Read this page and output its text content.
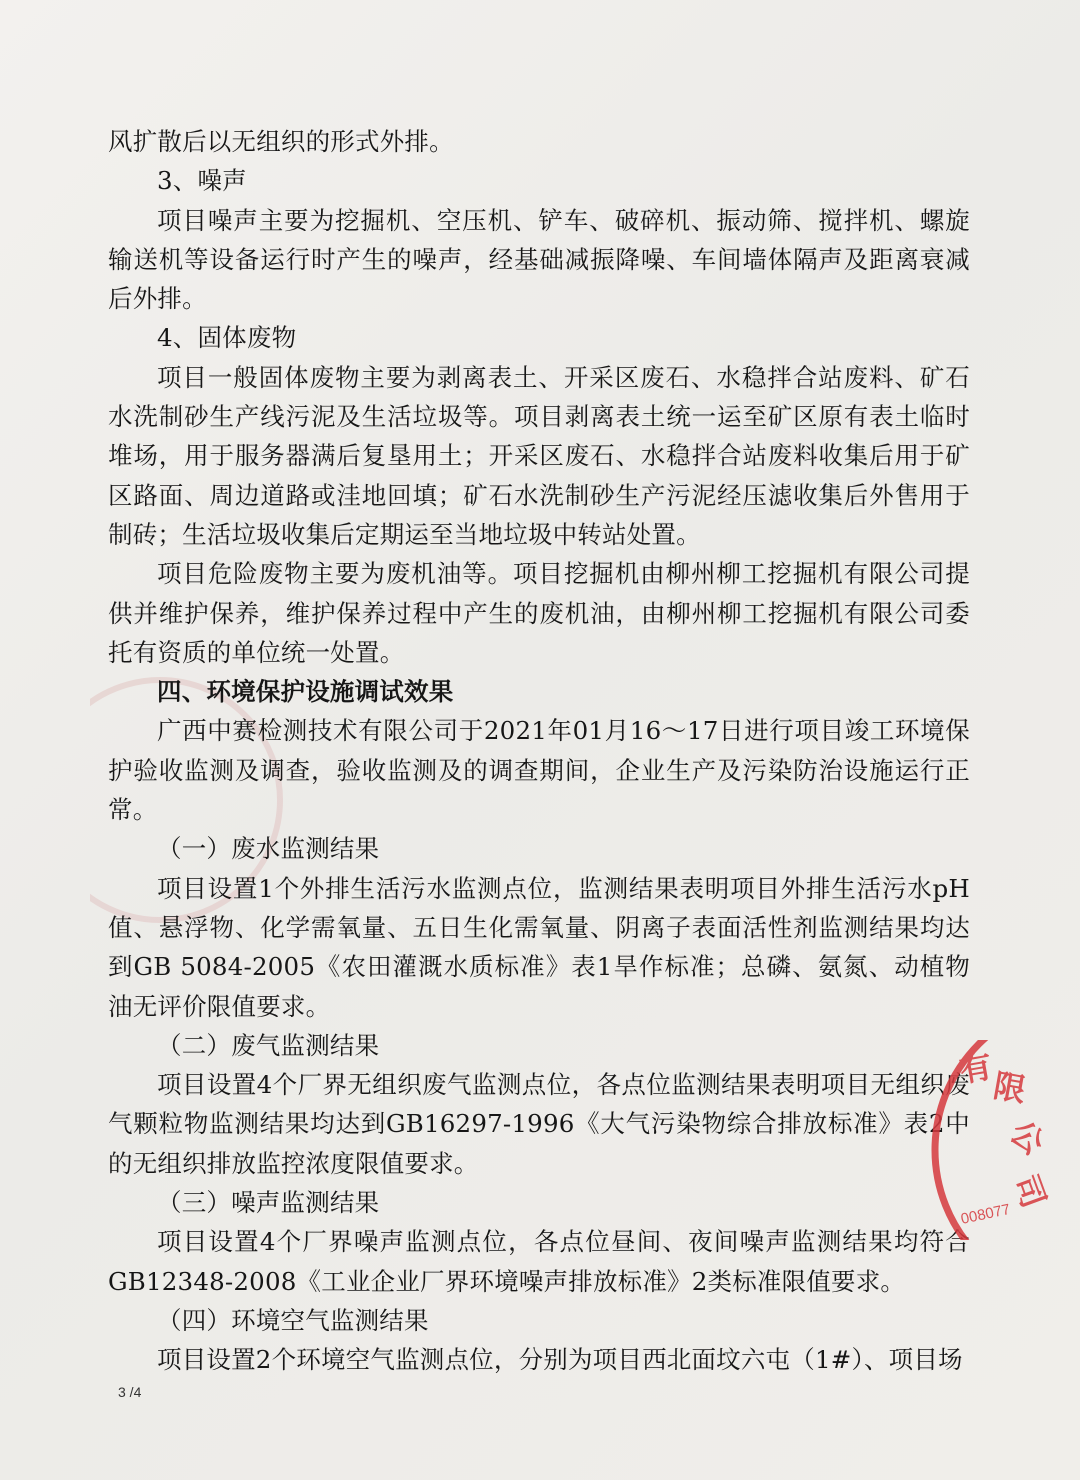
风扩散后以无组织的形式外排。

3、噪声

项目噪声主要为挖掘机、空压机、铲车、破碎机、振动筛、搅拌机、螺旋输送机等设备运行时产生的噪声，经基础减振降噪、车间墙体隔声及距离衰减后外排。

4、固体废物

项目一般固体废物主要为剥离表土、开采区废石、水稳拌合站废料、矿石水洗制砂生产线污泥及生活垃圾等。项目剥离表土统一运至矿区原有表土临时堆场，用于服务器满后复垦用土；开采区废石、水稳拌合站废料收集后用于矿区路面、周边道路或洼地回填；矿石水洗制砂生产污泥经压滤收集后外售用于制砖；生活垃圾收集后定期运至当地垃圾中转站处置。

项目危险废物主要为废机油等。项目挖掘机由柳州柳工挖掘机有限公司提供并维护保养，维护保养过程中产生的废机油，由柳州柳工挖掘机有限公司委托有资质的单位统一处置。

四、环境保护设施调试效果

广西中赛检测技术有限公司于2021年01月16～17日进行项目竣工环境保护验收监测及调查，验收监测及的调查期间，企业生产及污染防治设施运行正常。

（一）废水监测结果

项目设置1个外排生活污水监测点位，监测结果表明项目外排生活污水pH值、悬浮物、化学需氧量、五日生化需氧量、阴离子表面活性剂监测结果均达到GB 5084-2005《农田灌溉水质标准》表1旱作标准；总磷、氨氮、动植物油无评价限值要求。

（二）废气监测结果

项目设置4个厂界无组织废气监测点位，各点位监测结果表明项目无组织废气颗粒物监测结果均达到GB16297-1996《大气污染物综合排放标准》表2中的无组织排放监控浓度限值要求。

（三）噪声监测结果

项目设置4个厂界噪声监测点位，各点位昼间、夜间噪声监测结果均符合GB12348-2008《工业企业厂界环境噪声排放标准》2类标准限值要求。

（四）环境空气监测结果

项目设置2个环境空气监测点位，分别为项目西北面坟六屯（1#）、项目场

有
限
公
司
008077
3 /4
